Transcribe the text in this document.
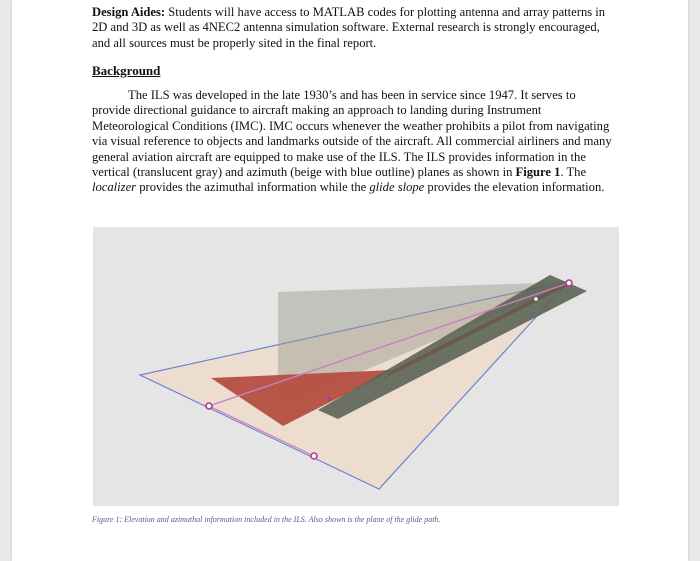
Design Aides: Students will have access to MATLAB codes for plotting antenna and array patterns in 2D and 3D as well as 4NEC2 antenna simulation software. External research is strongly encouraged, and all sources must be properly sited in the final report.

Background

The ILS was developed in the late 1930’s and has been in service since 1947. It serves to provide directional guidance to aircraft making an approach to landing during Instrument Meteorological Conditions (IMC). IMC occurs whenever the weather prohibits a pilot from navigating via visual reference to objects and landmarks outside of the aircraft. All commercial airliners and many general aviation aircraft are equipped to make use of the ILS. The ILS provides information in the vertical (translucent gray) and azimuth (beige with blue outline) planes as shown in Figure 1. The localizer provides the azimuthal information while the glide slope provides the elevation information.

Figure 1: Elevation and azimuthal information included in the ILS. Also shown is the plane of the glide path.
